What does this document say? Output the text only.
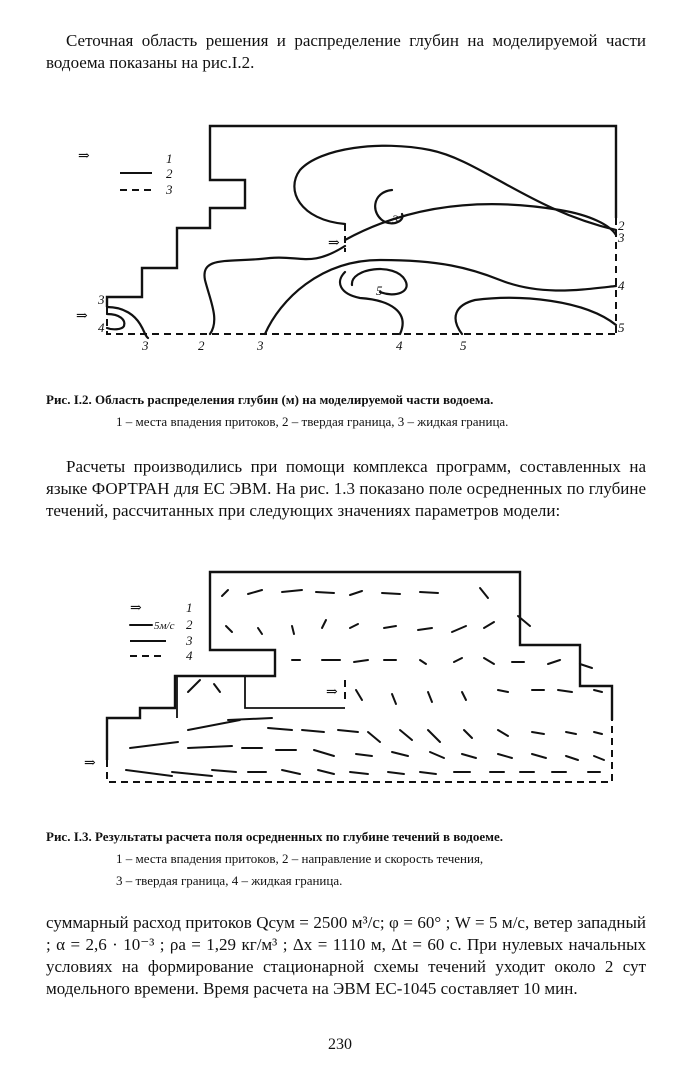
Сеточная область решения и распределение глубин на моделируемой части водоема показаны на рис.I.2.
⇒
⇒
⇒
1
2
3
3
4
2
3
4
5
3	2	3	4	5
3
5
Рис. I.2. Область распределения глубин (м) на моделируемой части водоема.
1 – места впадения притоков, 2 – твердая граница, 3 – жидкая граница.
Расчеты производились при помощи комплекса программ, составленных на языке ФОРТРАН для ЕС ЭВМ. На рис. 1.3 показано поле осредненных по глубине течений, рассчитанных при следующих значениях параметров модели:
⇒
5м/с
1
2
3
4
⇒
⇒
Рис. I.3. Результаты расчета поля осредненных по глубине течений в водоеме.
1 – места впадения притоков, 2 – направление и скорость течения,
3 – твердая граница, 4 – жидкая граница.
суммарный расход притоков Qсум = 2500 м³/с; φ = 60° ; W = 5 м/с, ветер западный ; α = 2,6 · 10⁻³ ; ρa = 1,29 кг/м³ ; Δx = 1110 м, Δt = 60 с. При нулевых начальных условиях на формирование стационарной схемы течений уходит около 2 сут модельного времени. Время расчета на ЭВМ ЕС-1045 составляет 10 мин.
230
